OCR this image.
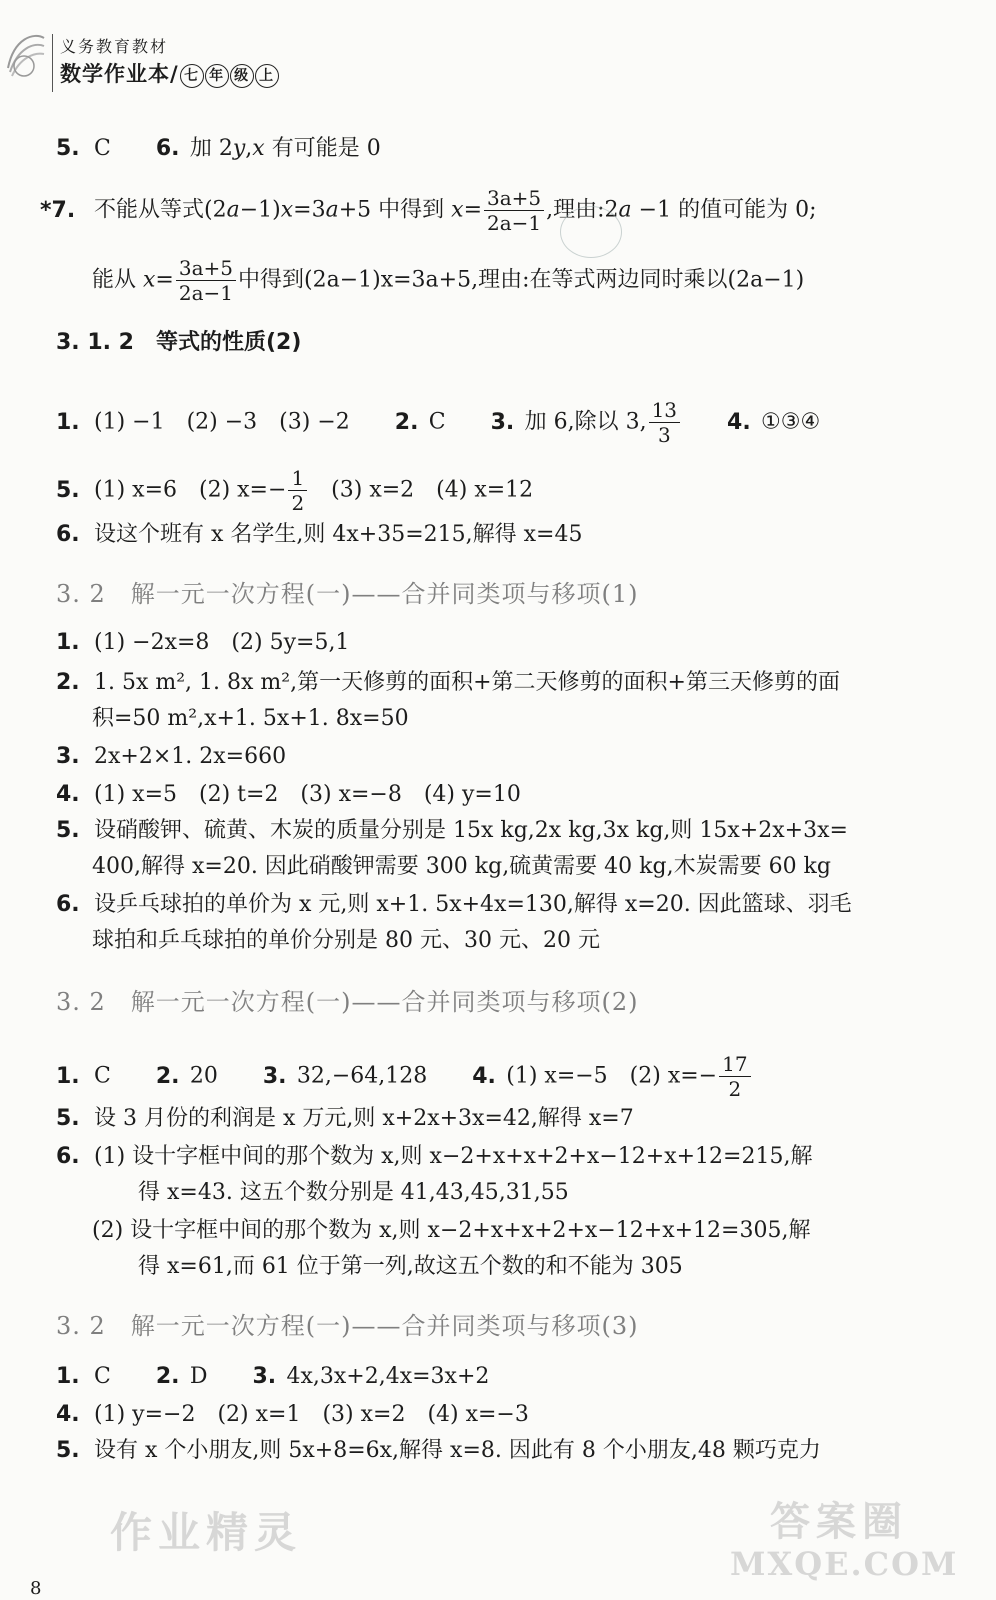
义务教育教材
数学作业本/ 七 年 级 上
5. C 6. 加 2y,x 有可能是 0
*7. 不能从等式(2a−1)x=3a+5 中得到 $x= \frac{3a+5}{2a-1}$ ,理由:2a −1 的值可能为 0;
能从 $x= \frac{3a+5}{2a-1}$ 中得到(2a−1)x=3a+5,理由:在等式两边同时乘以(2a−1)
3. 1. 2　等式的性质(2)
1. (1) −1　(2) −3　(3) −2 2. C 3. 加 6,除以 3, $\frac{13}{3} 4$. ①③④
5. (1) x=6　(2) $x=- \frac{1}{2}$ 　(3) x=2　(4) x=12
6. 设这个班有 x 名学生,则 4x+35=215,解得 x=45
3. 2　解一元一次方程(一)——合并同类项与移项(1)
1. (1) −2x=8　(2) 5y=5,1
2. 1. 5x m², 1. 8x m²,第一天修剪的面积+第二天修剪的面积+第三天修剪的面
积=50 m²,x+1. 5x+1. 8x=50
3. 2x+2×1. 2x=660
4. (1) x=5　(2) t=2　(3) x=−8　(4) y=10
5. 设硝酸钾、硫黄、木炭的质量分别是 15x kg,2x kg,3x kg,则 15x+2x+3x=
400,解得 x=20. 因此硝酸钾需要 300 kg,硫黄需要 40 kg,木炭需要 60 kg
6. 设乒乓球拍的单价为 x 元,则 x+1. 5x+4x=130,解得 x=20. 因此篮球、羽毛
球拍和乒乓球拍的单价分别是 80 元、30 元、20 元
3. 2　解一元一次方程(一)——合并同类项与移项(2)
1. C 2. 20 3. 32,−64,128 4. (1) x=−5　(2) $x=- \frac{17}{2}$
5. 设 3 月份的利润是 x 万元,则 x+2x+3x=42,解得 x=7
6. (1) 设十字框中间的那个数为 x,则 x−2+x+x+2+x−12+x+12=215,解
得 x=43. 这五个数分别是 41,43,45,31,55
(2) 设十字框中间的那个数为 x,则 x−2+x+x+2+x−12+x+12=305,解
得 x=61,而 61 位于第一列,故这五个数的和不能为 305
3. 2　解一元一次方程(一)——合并同类项与移项(3)
1. C 2. D 3. 4x,3x+2,4x=3x+2
4. (1) y=−2　(2) x=1　(3) x=2　(4) x=−3
5. 设有 x 个小朋友,则 5x+8=6x,解得 x=8. 因此有 8 个小朋友,48 颗巧克力
作业精灵	答案圈
MXQE.COM
8
